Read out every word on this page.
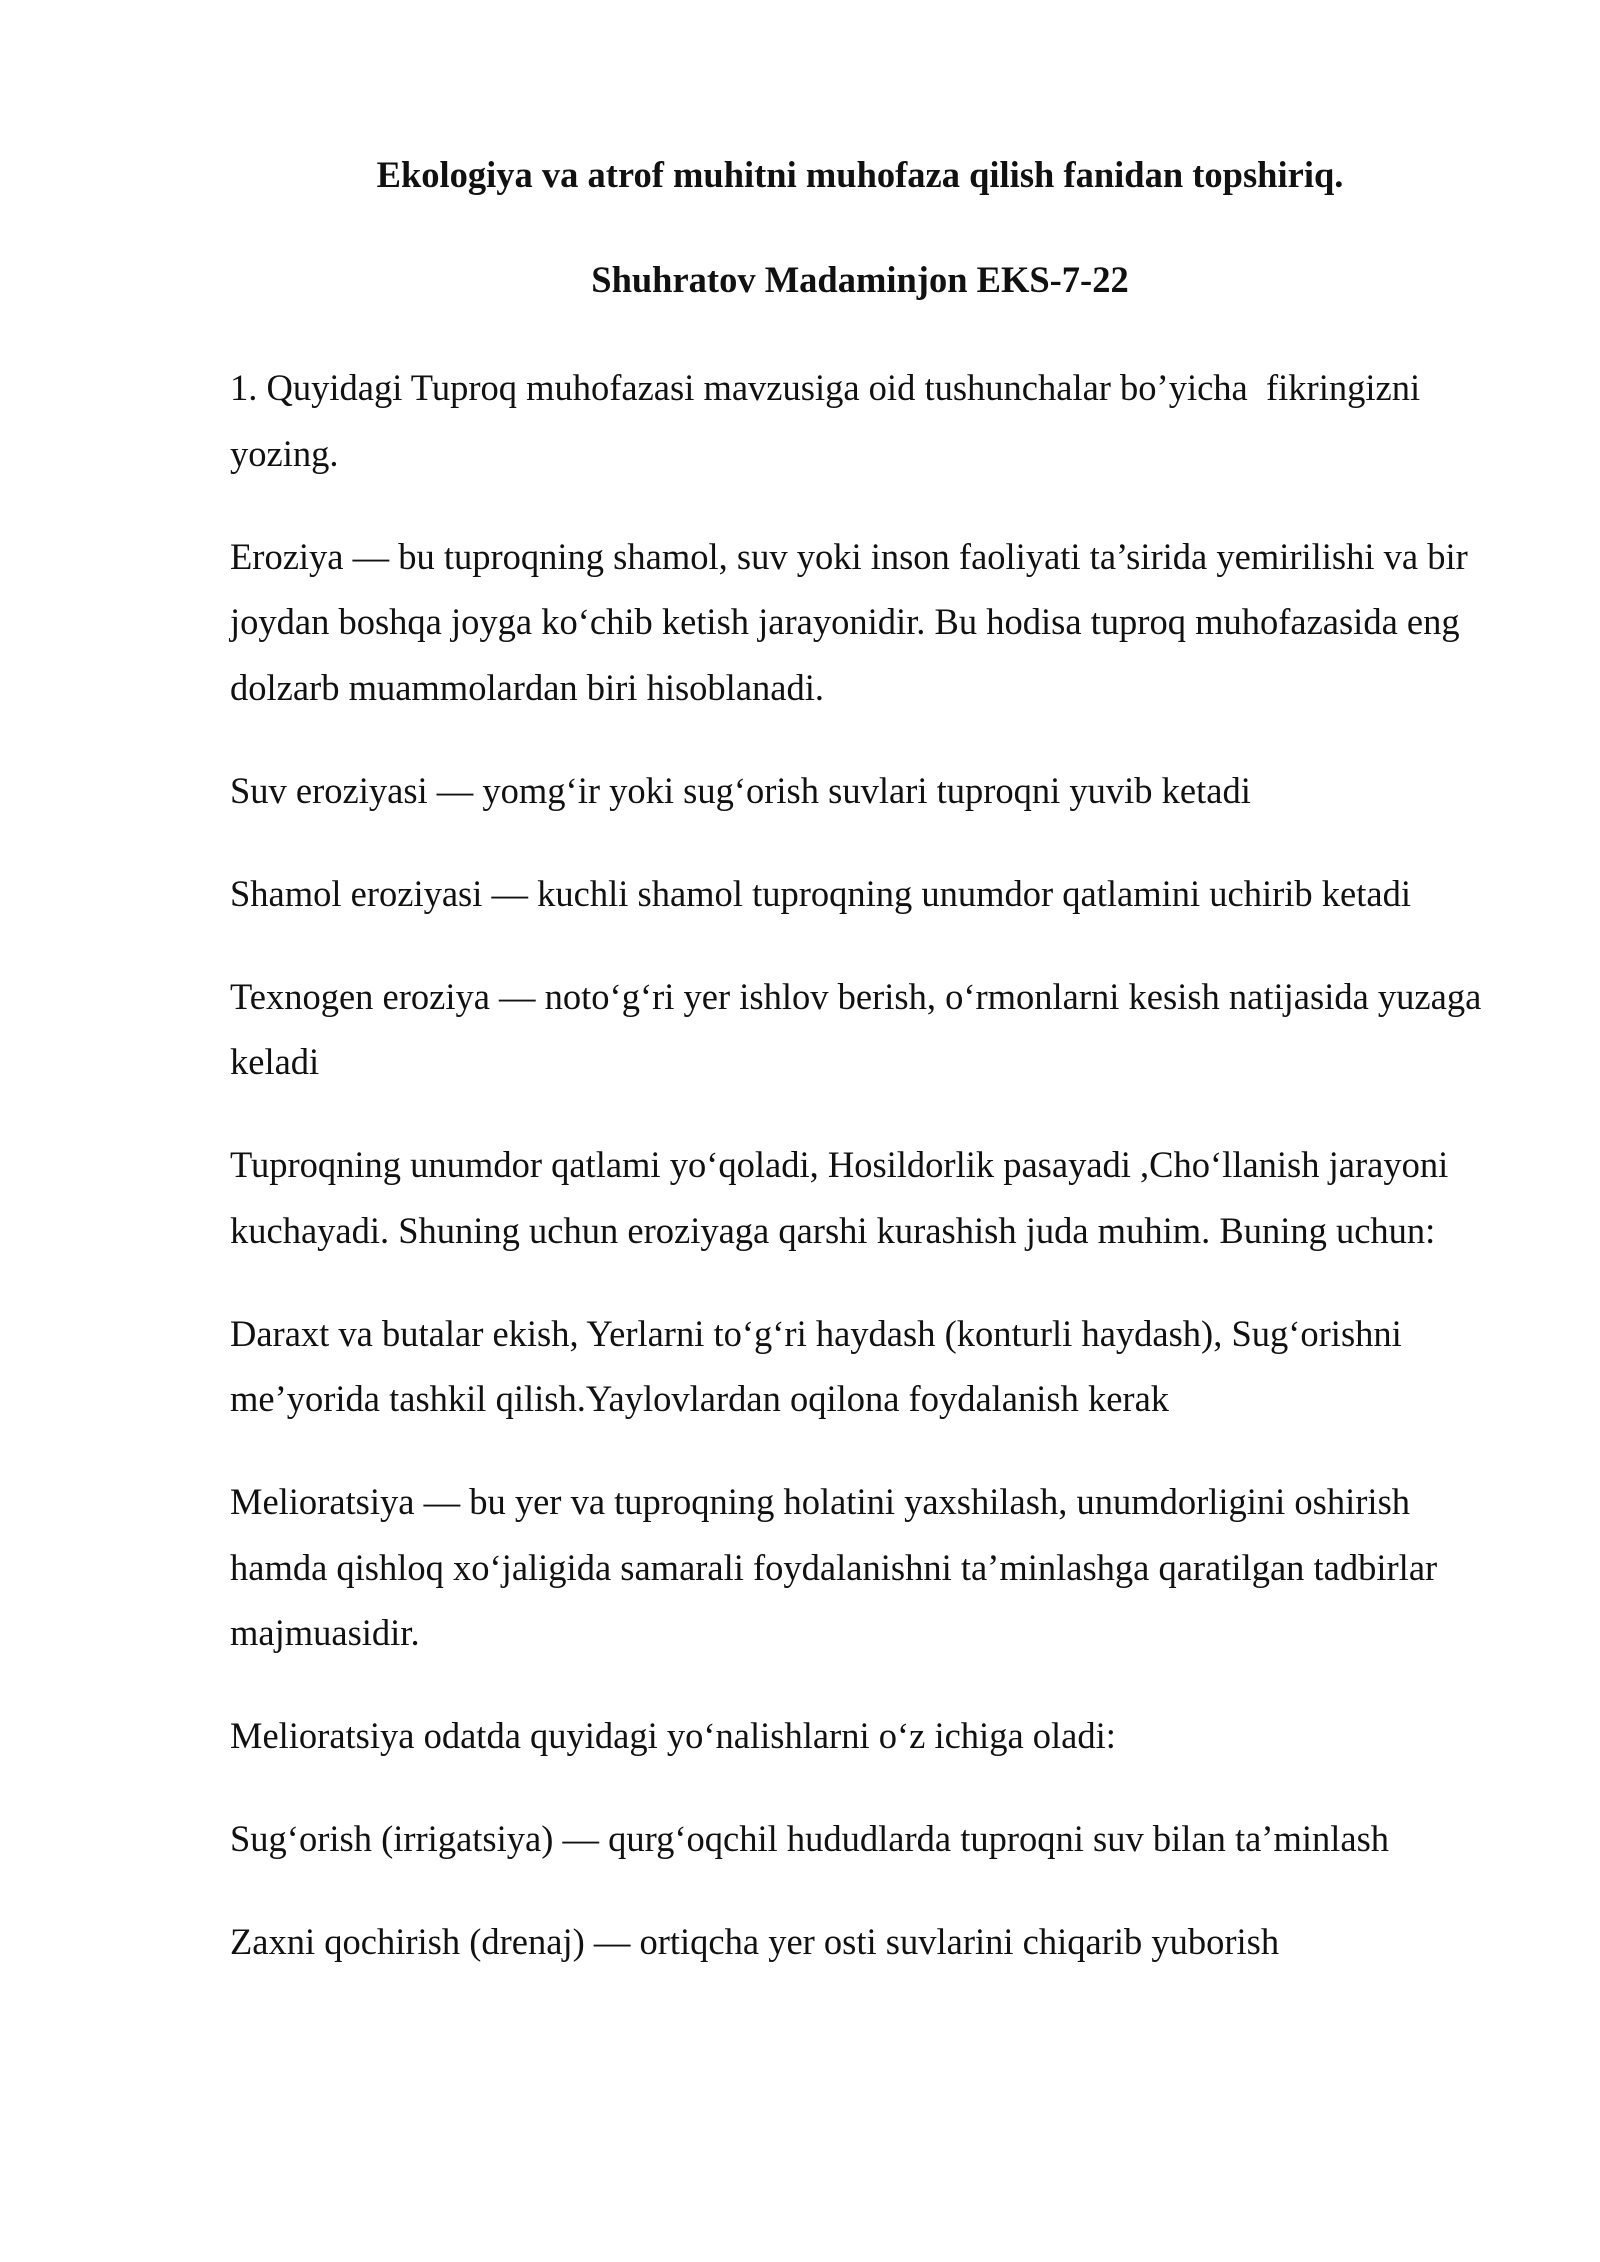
Ekologiya va atrof muhitni muhofaza qilish fanidan topshiriq.
Shuhratov Madaminjon EKS-7-22

1. Quyidagi Tuproq muhofazasi mavzusiga oid tushunchalar bo’yicha  fikringizni yozing.

Eroziya — bu tuproqning shamol, suv yoki inson faoliyati ta’sirida yemirilishi va bir joydan boshqa joyga ko‘chib ketish jarayonidir. Bu hodisa tuproq muhofazasida eng dolzarb muammolardan biri hisoblanadi.

Suv eroziyasi — yomg‘ir yoki sug‘orish suvlari tuproqni yuvib ketadi

Shamol eroziyasi — kuchli shamol tuproqning unumdor qatlamini uchirib ketadi

Texnogen eroziya — noto‘g‘ri yer ishlov berish, o‘rmonlarni kesish natijasida yuzaga keladi

Tuproqning unumdor qatlami yo‘qoladi, Hosildorlik pasayadi ,Cho‘llanish jarayoni kuchayadi. Shuning uchun eroziyaga qarshi kurashish juda muhim. Buning uchun:

Daraxt va butalar ekish, Yerlarni to‘g‘ri haydash (konturli haydash), Sug‘orishni me’yorida tashkil qilish.Yaylovlardan oqilona foydalanish kerak

Melioratsiya — bu yer va tuproqning holatini yaxshilash, unumdorligini oshirish hamda qishloq xo‘jaligida samarali foydalanishni ta’minlashga qaratilgan tadbirlar majmuasidir.

Melioratsiya odatda quyidagi yo‘nalishlarni o‘z ichiga oladi:

Sug‘orish (irrigatsiya) — qurg‘oqchil hududlarda tuproqni suv bilan ta’minlash

Zaxni qochirish (drenaj) — ortiqcha yer osti suvlarini chiqarib yuborish
